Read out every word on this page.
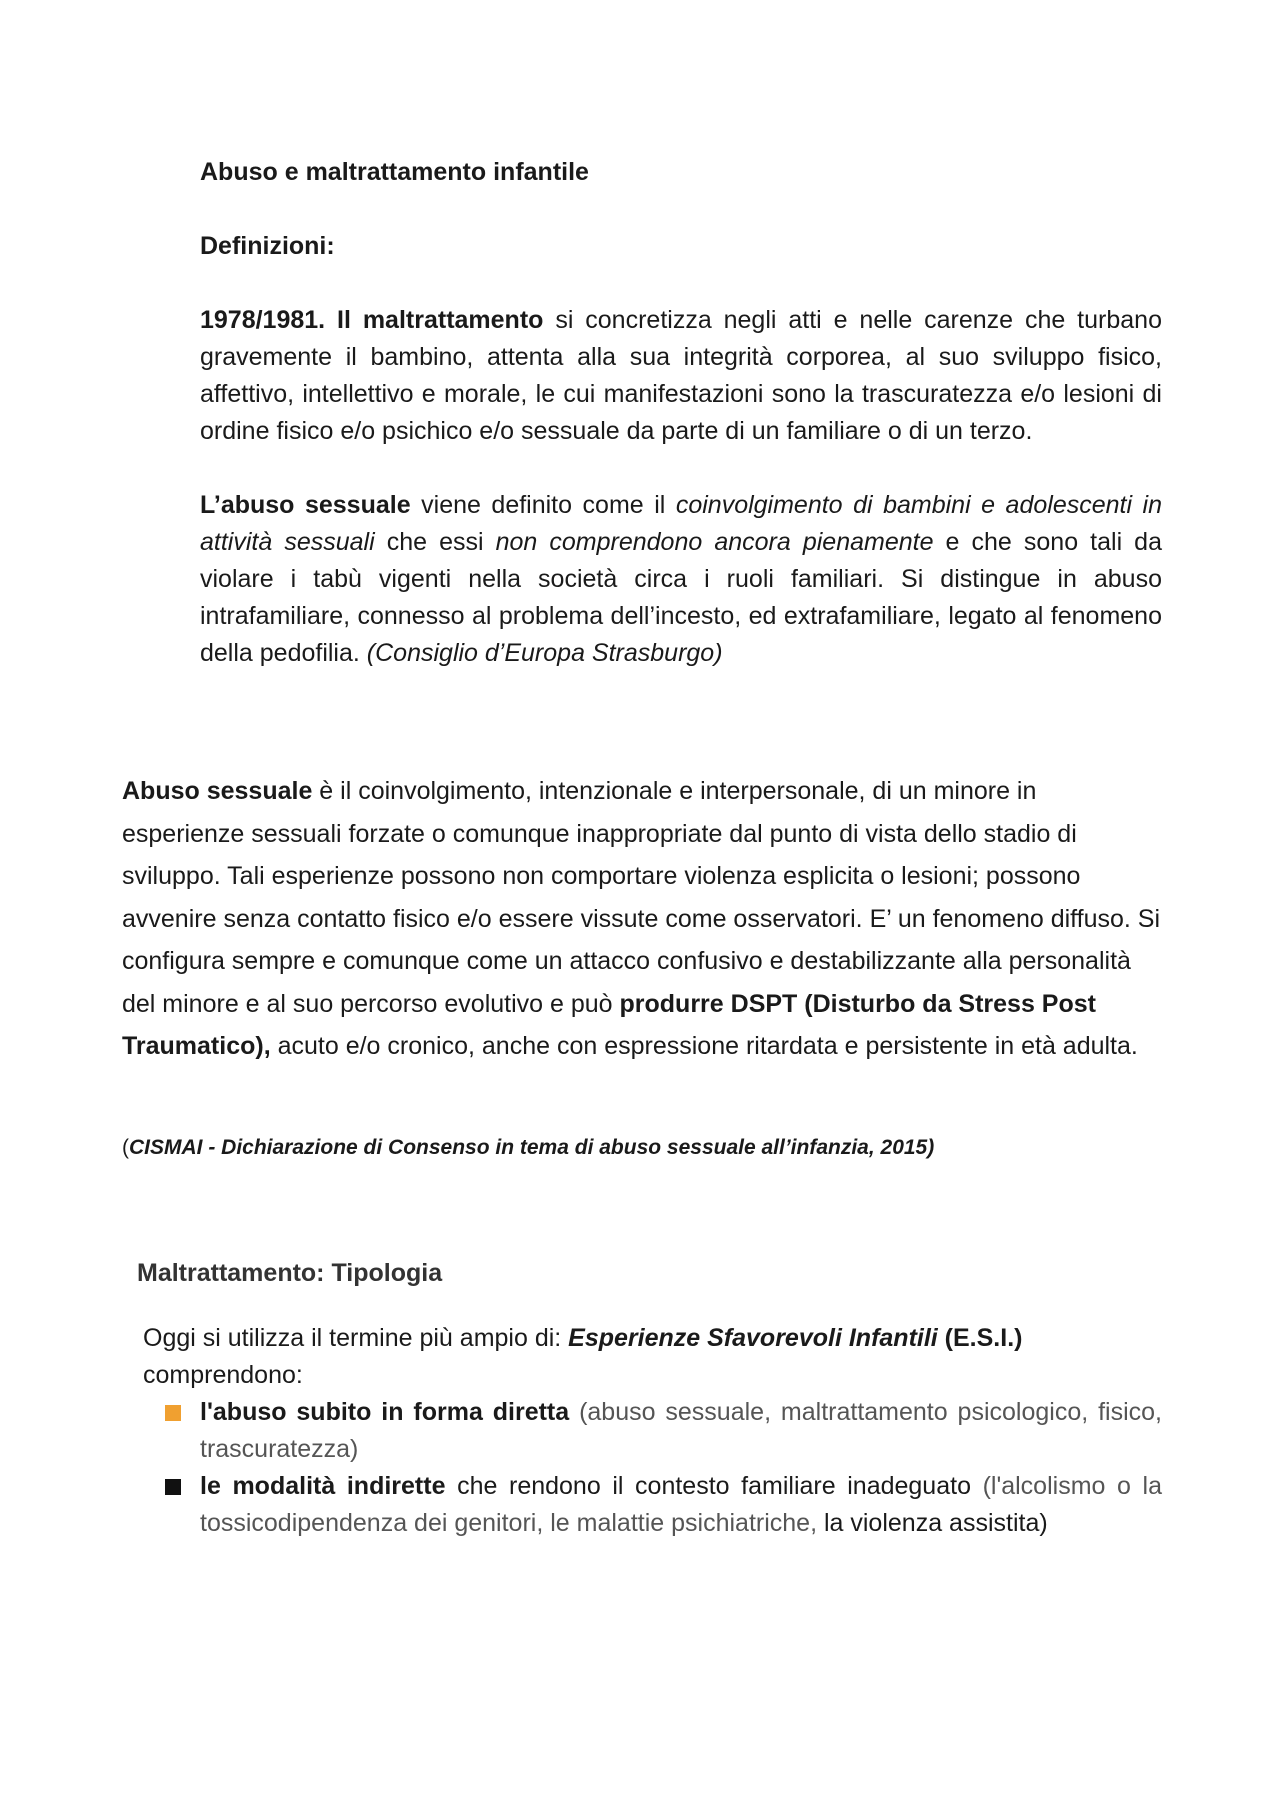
Abuso e maltrattamento infantile
Definizioni:

1978/1981. Il maltrattamento si concretizza negli atti e nelle carenze che turbano gravemente il bambino, attenta alla sua integrità corporea, al suo sviluppo fisico, affettivo, intellettivo e morale, le cui manifestazioni sono la trascuratezza e/o lesioni di ordine fisico e/o psichico e/o sessuale da parte di un familiare o di un terzo.

L’abuso sessuale viene definito come il coinvolgimento di bambini e adolescenti in attività sessuali che essi non comprendono ancora pienamente e che sono tali da violare i tabù vigenti nella società circa i ruoli familiari. Si distingue in abuso intrafamiliare, connesso al problema dell’incesto, ed extrafamiliare, legato al fenomeno della pedofilia. (Consiglio d’Europa Strasburgo)

Abuso sessuale è il coinvolgimento, intenzionale e interpersonale, di un minore in esperienze sessuali forzate o comunque inappropriate dal punto di vista dello stadio di sviluppo. Tali esperienze possono non comportare violenza esplicita o lesioni; possono avvenire senza contatto fisico e/o essere vissute come osservatori. E’ un fenomeno diffuso. Si configura sempre e comunque come un attacco confusivo e destabilizzante alla personalità del minore e al suo percorso evolutivo e può produrre DSPT (Disturbo da Stress Post Traumatico), acuto e/o cronico, anche con espressione ritardata e persistente in età adulta.

(CISMAI - Dichiarazione di Consenso in tema di abuso sessuale all’infanzia, 2015)
Maltrattamento: Tipologia

Oggi si utilizza il termine più ampio di: Esperienze Sfavorevoli Infantili (E.S.I.)
comprendono:

l'abuso subito in forma diretta (abuso sessuale, maltrattamento psicologico, fisico, trascuratezza)
le modalità indirette che rendono il contesto familiare inadeguato (l'alcolismo o la tossicodipendenza dei genitori, le malattie psichiatriche, la violenza assistita)
